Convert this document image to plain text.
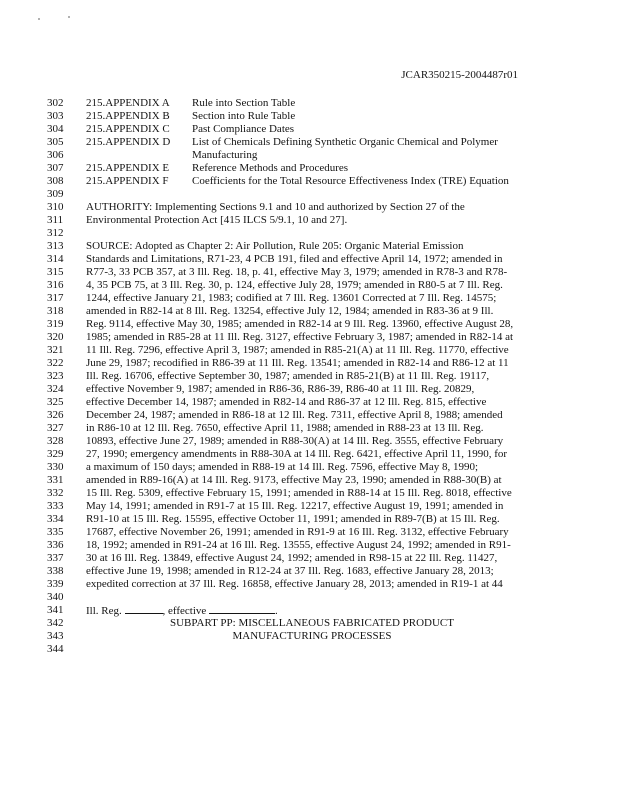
JCAR350215-2004487r01
302
303
304
305
306
307
308
309
310
311
312
313
314
315
316
317
318
319
320
321
322
323
324
325
326
327
328
329
330
331
332
333
334
335
336
337
338
339
340
341
342
343
344
215.APPENDIX A Rule into Section Table
215.APPENDIX B Section into Rule Table
215.APPENDIX C Past Compliance Dates
215.APPENDIX D List of Chemicals Defining Synthetic Organic Chemical and Polymer
Manufacturing
215.APPENDIX E Reference Methods and Procedures
215.APPENDIX F Coefficients for the Total Resource Effectiveness Index (TRE) Equation
AUTHORITY: Implementing Sections 9.1 and 10 and authorized by Section 27 of the
Environmental Protection Act [415 ILCS 5/9.1, 10 and 27].
SOURCE: Adopted as Chapter 2: Air Pollution, Rule 205: Organic Material Emission
Standards and Limitations, R71-23, 4 PCB 191, filed and effective April 14, 1972; amended in
R77-3, 33 PCB 357, at 3 Ill. Reg. 18, p. 41, effective May 3, 1979; amended in R78-3 and R78-
4, 35 PCB 75, at 3 Ill. Reg. 30, p. 124, effective July 28, 1979; amended in R80-5 at 7 Ill. Reg.
1244, effective January 21, 1983; codified at 7 Ill. Reg. 13601 Corrected at 7 Ill. Reg. 14575;
amended in R82-14 at 8 Ill. Reg. 13254, effective July 12, 1984; amended in R83-36 at 9 Ill.
Reg. 9114, effective May 30, 1985; amended in R82-14 at 9 Ill. Reg. 13960, effective August 28,
1985; amended in R85-28 at 11 Ill. Reg. 3127, effective February 3, 1987; amended in R82-14 at
11 Ill. Reg. 7296, effective April 3, 1987; amended in R85-21(A) at 11 Ill. Reg. 11770, effective
June 29, 1987; recodified in R86-39 at 11 Ill. Reg. 13541; amended in R82-14 and R86-12 at 11
Ill. Reg. 16706, effective September 30, 1987; amended in R85-21(B) at 11 Ill. Reg. 19117,
effective November 9, 1987; amended in R86-36, R86-39, R86-40 at 11 Ill. Reg. 20829,
effective December 14, 1987; amended in R82-14 and R86-37 at 12 Ill. Reg. 815, effective
December 24, 1987; amended in R86-18 at 12 Ill. Reg. 7311, effective April 8, 1988; amended
in R86-10 at 12 Ill. Reg. 7650, effective April 11, 1988; amended in R88-23 at 13 Ill. Reg.
10893, effective June 27, 1989; amended in R88-30(A) at 14 Ill. Reg. 3555, effective February
27, 1990; emergency amendments in R88-30A at 14 Ill. Reg. 6421, effective April 11, 1990, for
a maximum of 150 days; amended in R88-19 at 14 Ill. Reg. 7596, effective May 8, 1990;
amended in R89-16(A) at 14 Ill. Reg. 9173, effective May 23, 1990; amended in R88-30(B) at
15 Ill. Reg. 5309, effective February 15, 1991; amended in R88-14 at 15 Ill. Reg. 8018, effective
May 14, 1991; amended in R91-7 at 15 Ill. Reg. 12217, effective August 19, 1991; amended in
R91-10 at 15 Ill. Reg. 15595, effective October 11, 1991; amended in R89-7(B) at 15 Ill. Reg.
17687, effective November 26, 1991; amended in R91-9 at 16 Ill. Reg. 3132, effective February
18, 1992; amended in R91-24 at 16 Ill. Reg. 13555, effective August 24, 1992; amended in R91-
30 at 16 Ill. Reg. 13849, effective August 24, 1992; amended in R98-15 at 22 Ill. Reg. 11427,
effective June 19, 1998; amended in R12-24 at 37 Ill. Reg. 1683, effective January 28, 2013;
expedited correction at 37 Ill. Reg. 16858, effective January 28, 2013; amended in R19-1 at 44
Ill. Reg.	, effective	.
SUBPART PP: MISCELLANEOUS FABRICATED PRODUCT
MANUFACTURING PROCESSES
